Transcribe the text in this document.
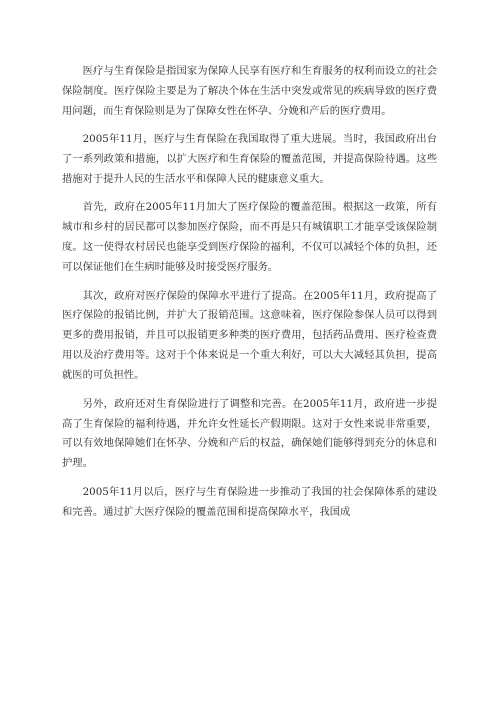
医疗与生育保险是指国家为保障人民享有医疗和生育服务的权利而设立的社会保险制度。医疗保险主要是为了解决个体在生活中突发或常见的疾病导致的医疗费用问题，而生育保险则是为了保障女性在怀孕、分娩和产后的医疗费用。

2005年11月，医疗与生育保险在我国取得了重大进展。当时，我国政府出台了一系列政策和措施，以扩大医疗和生育保险的覆盖范围，并提高保险待遇。这些措施对于提升人民的生活水平和保障人民的健康意义重大。

首先，政府在2005年11月加大了医疗保险的覆盖范围。根据这一政策，所有城市和乡村的居民都可以参加医疗保险，而不再是只有城镇职工才能享受该保险制度。这一使得农村居民也能享受到医疗保险的福利，不仅可以减轻个体的负担，还可以保证他们在生病时能够及时接受医疗服务。

其次，政府对医疗保险的保障水平进行了提高。在2005年11月，政府提高了医疗保险的报销比例，并扩大了报销范围。这意味着，医疗保险参保人员可以得到更多的费用报销，并且可以报销更多种类的医疗费用，包括药品费用、医疗检查费用以及治疗费用等。这对于个体来说是一个重大利好，可以大大减轻其负担，提高就医的可负担性。

另外，政府还对生育保险进行了调整和完善。在2005年11月，政府进一步提高了生育保险的福利待遇，并允许女性延长产假期限。这对于女性来说非常重要，可以有效地保障她们在怀孕、分娩和产后的权益，确保她们能够得到充分的休息和护理。

2005年11月以后，医疗与生育保险进一步推动了我国的社会保障体系的建设和完善。通过扩大医疗保险的覆盖范围和提高保障水平，我国成
